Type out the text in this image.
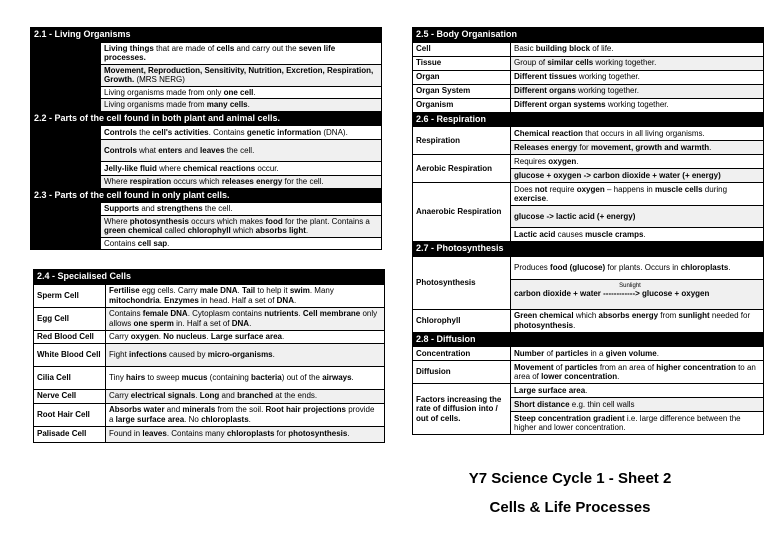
2.1 - Living Organisms	
	Living things that are made of cells and carry out the seven life processes.
	Movement, Reproduction, Sensitivity, Nutrition, Excretion, Respiration, Growth. (MRS NERG)
	Living organisms made from only one cell.
	Living organisms made from many cells.
2.2 - Parts of the cell found in both plant and animal cells.	
	Controls the cell's activities. Contains genetic information (DNA).
	Controls what enters and leaves the cell.
	Jelly-like fluid where chemical reactions occur.
	Where respiration occurs which releases energy for the cell.
2.3 - Parts of the cell found in only plant cells.	
	Supports and strengthens the cell.
	Where photosynthesis occurs which makes food for the plant. Contains a green chemical called chlorophyll which absorbs light.
	Contains cell sap.
2.4 - Specialised Cells	
Sperm Cell	Fertilise egg cells. Carry male DNA. Tail to help it swim. Many mitochondria. Enzymes in head. Half a set of DNA.
Egg Cell	Contains female DNA. Cytoplasm contains nutrients. Cell membrane only allows one sperm in. Half a set of DNA.
Red Blood Cell	Carry oxygen. No nucleus. Large surface area.
White Blood Cell	Fight infections caused by micro-organisms.
Cilia Cell	Tiny hairs to sweep mucus (containing bacteria) out of the airways.
Nerve Cell	Carry electrical signals. Long and branched at the ends.
Root Hair Cell	Absorbs water and minerals from the soil. Root hair projections provide a large surface area. No chloroplasts.
Palisade Cell	Found in leaves. Contains many chloroplasts for photosynthesis.
2.5 - Body Organisation	
Cell	Basic building block of life.
Tissue	Group of similar cells working together.
Organ	Different tissues working together.
Organ System	Different organs working together.
Organism	Different organ systems working together.
2.6 - Respiration	
Respiration	Chemical reaction that occurs in all living organisms.
	Releases energy for movement, growth and warmth.
Aerobic Respiration	Requires oxygen.
	glucose + oxygen -> carbon dioxide + water (+ energy)
Anaerobic Respiration	Does not require oxygen – happens in muscle cells during exercise.
	glucose -> lactic acid (+ energy)
	Lactic acid causes muscle cramps.
2.7 - Photosynthesis	
Photosynthesis	Produces food (glucose) for plants. Occurs in chloroplasts.
	carbon dioxide + water
Sunlight
------------> glucose + oxygen
Chlorophyll	Green chemical which absorbs energy from sunlight needed for photosynthesis.
2.8 - Diffusion	
Concentration	Number of particles in a given volume.
Diffusion	Movement of particles from an area of higher concentration to an area of lower concentration.
Factors increasing the rate of diffusion into / out of cells.	Large surface area.
	Short distance e.g. thin cell walls
	Steep concentration gradient i.e. large difference between the higher and lower concentration.
Y7 Science Cycle 1 - Sheet 2
Cells & Life Processes
